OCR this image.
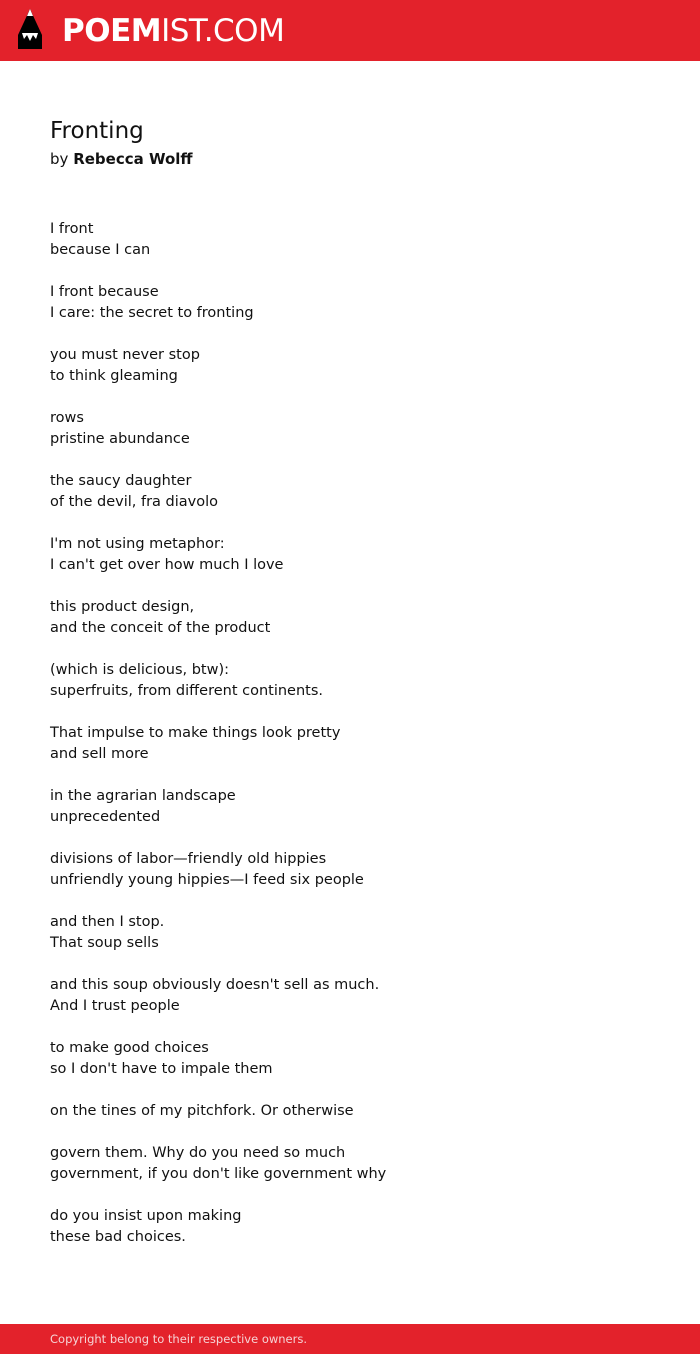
POEMIST.COM
Fronting
by Rebecca Wolff
I front
because I can
I front because
I care: the secret to fronting
you must never stop
to think gleaming
rows
pristine abundance
the saucy daughter
of the devil, fra diavolo
I'm not using metaphor:
I can't get over how much I love
this product design,
and the conceit of the product
(which is delicious, btw):
superfruits, from different continents.
That impulse to make things look pretty
and sell more
in the agrarian landscape
unprecedented
divisions of labor—friendly old hippies
unfriendly young hippies—I feed six people
and then I stop.
That soup sells
and this soup obviously doesn't sell as much.
And I trust people
to make good choices
so I don't have to impale them
on the tines of my pitchfork. Or otherwise
govern them. Why do you need so much
government, if you don't like government why
do you insist upon making
these bad choices.
Copyright belong to their respective owners.
